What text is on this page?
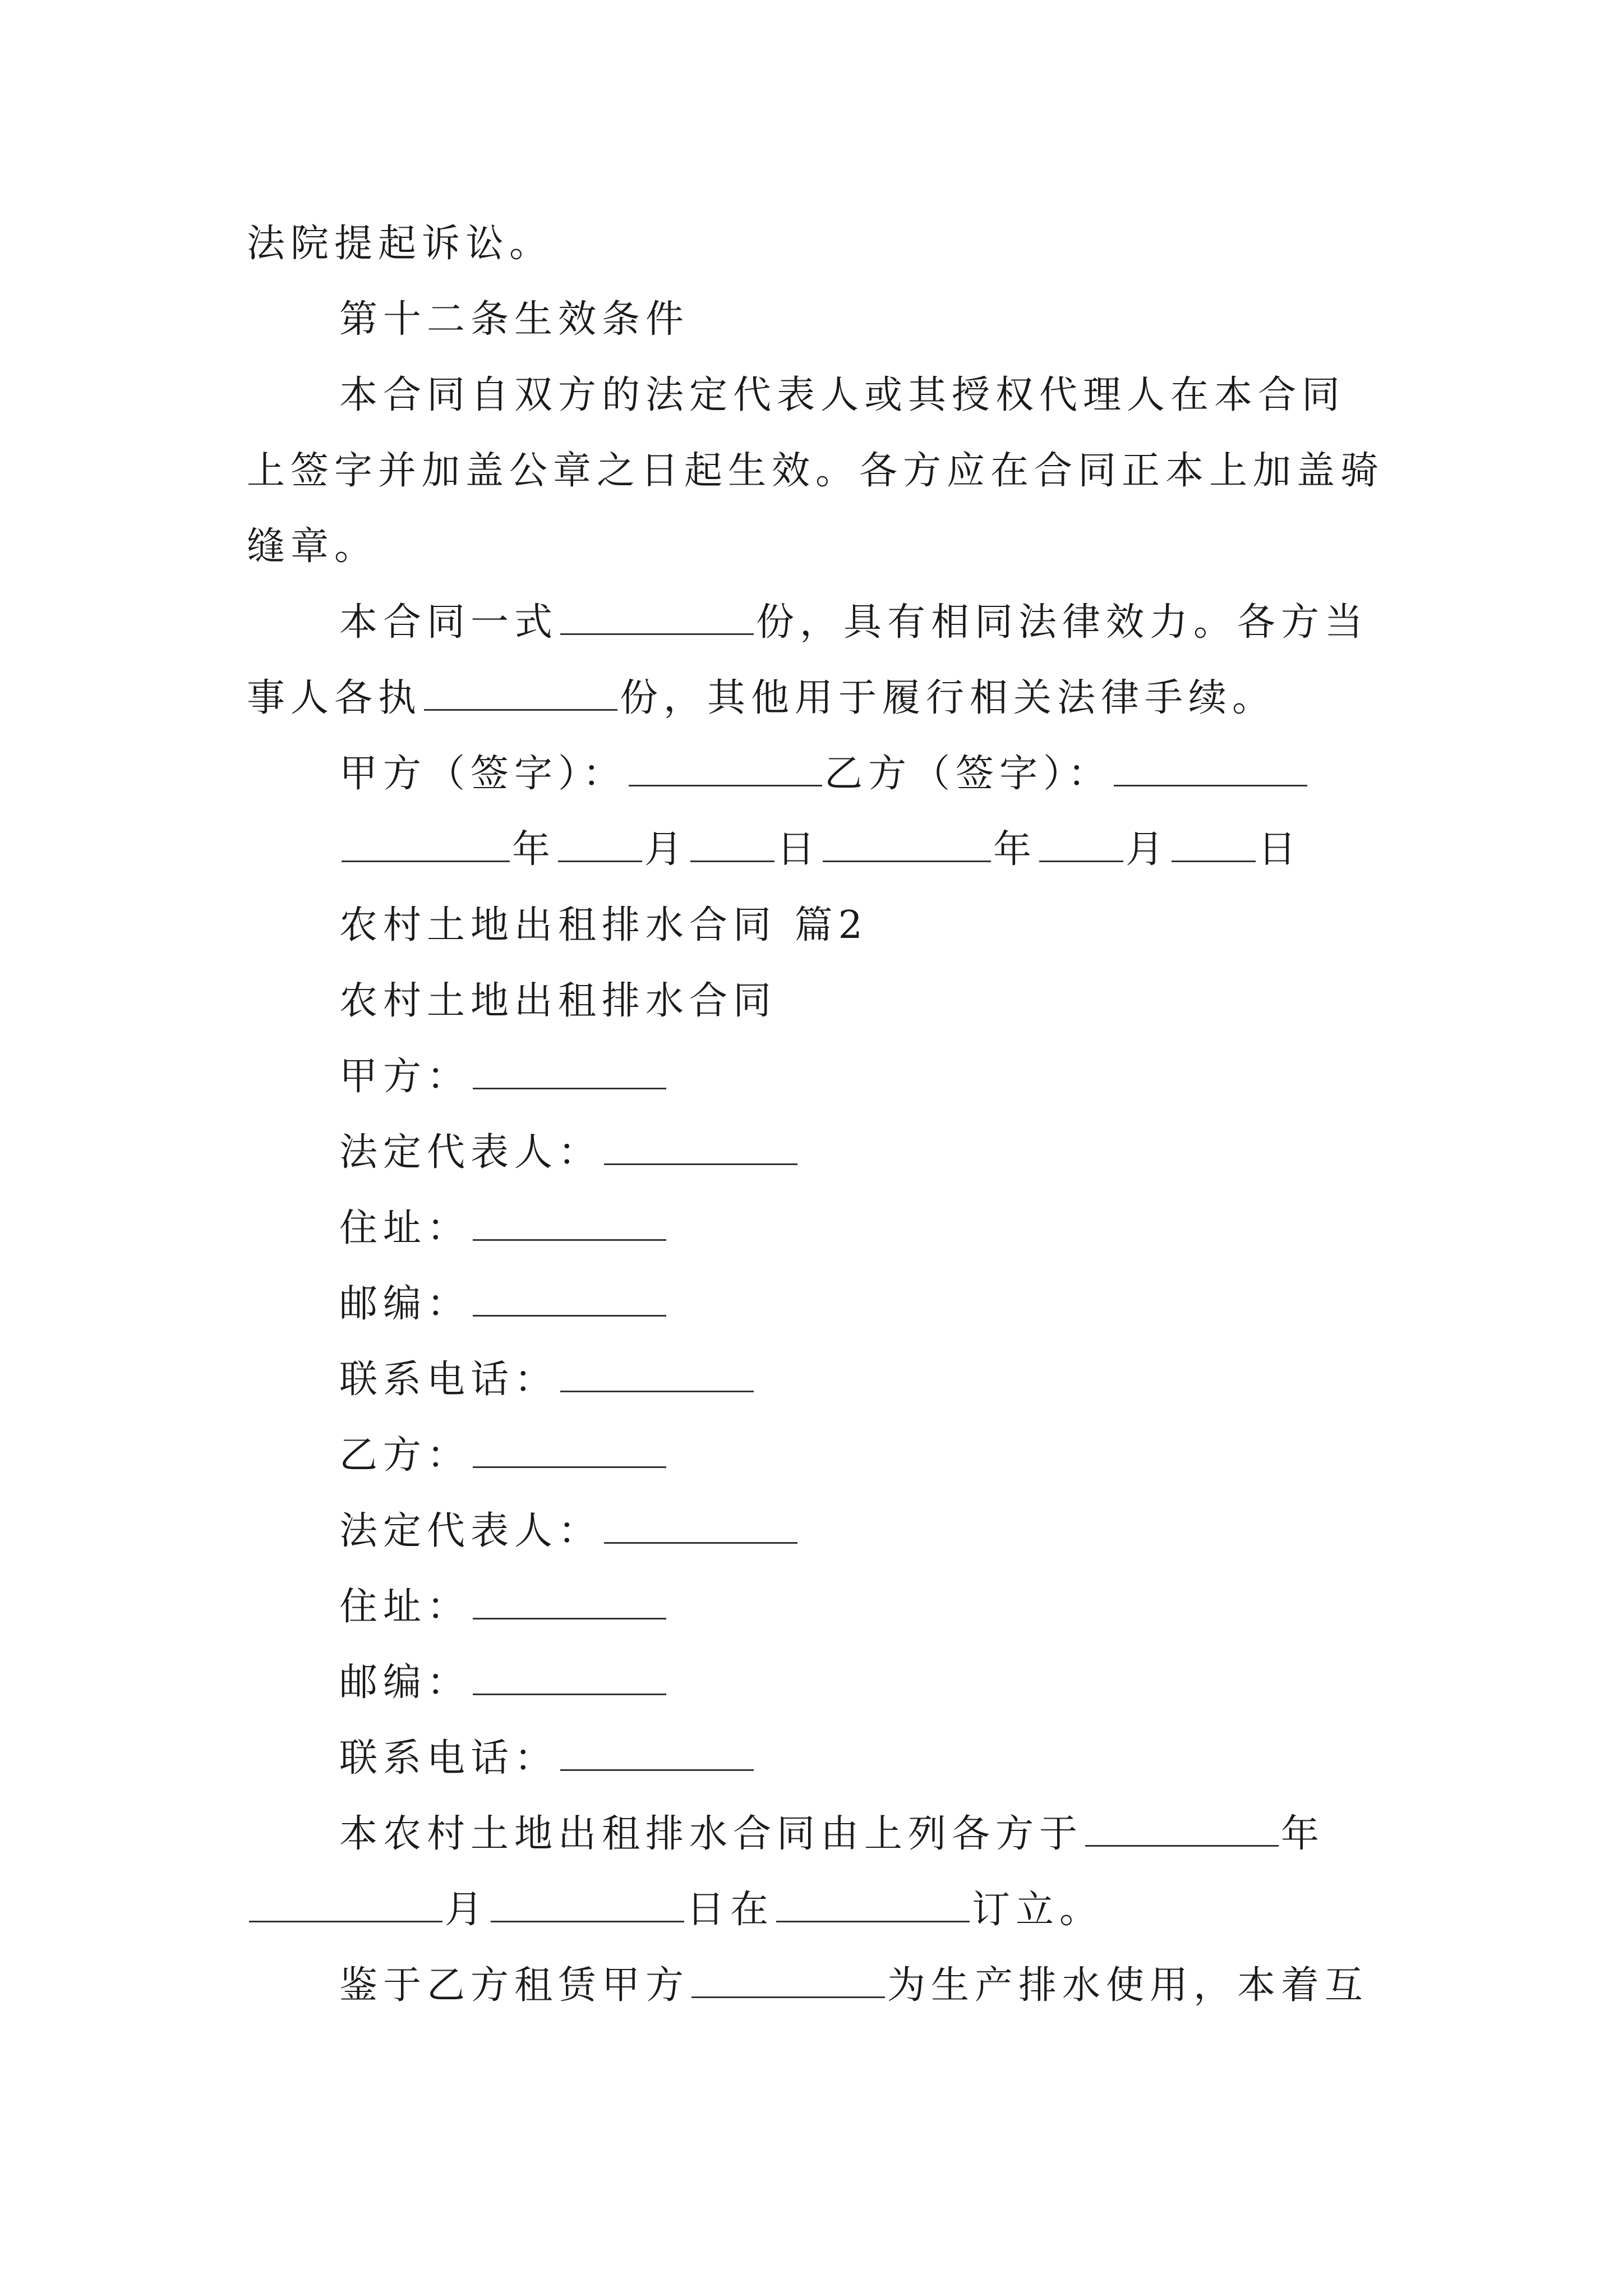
法院提起诉讼。
第十二条生效条件
本合同自双方的法定代表人或其授权代理人在本合同
上签字并加盖公章之日起生效。各方应在合同正本上加盖骑
缝章。
本合同一式	份，具有相同法律效力。各方当
事人各执	份，其他用于履行相关法律手续。
甲方（签字）：	乙方（签字）：
年 月 日	年 月 日
农村土地出租排水合同 篇2
农村土地出租排水合同
甲方：
法定代表人：
住址：
邮编：
联系电话：
乙方：
法定代表人：
住址：
邮编：
联系电话：
本农村土地出租排水合同由上列各方于	年
月	日在	订立。
鉴于乙方租赁甲方	为生产排水使用，本着互
